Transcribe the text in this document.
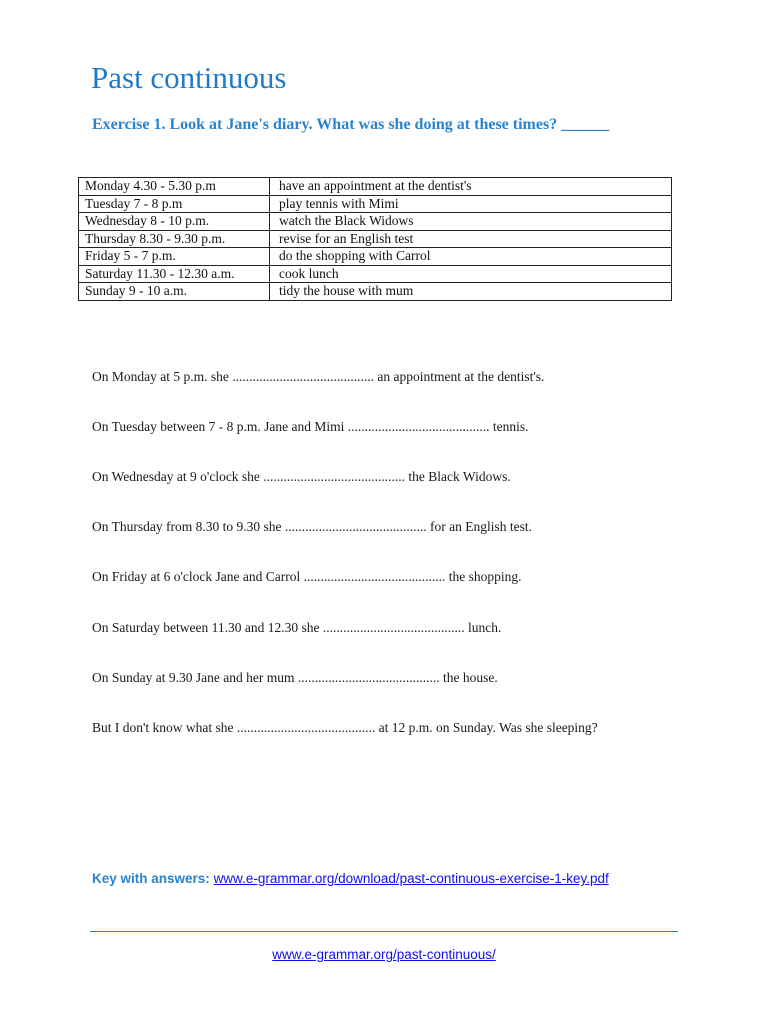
Past continuous
Exercise 1. Look at Jane's diary. What was she doing at these times? ______
Monday 4.30 - 5.30 p.m	have an appointment at the dentist's
Tuesday 7 - 8 p.m	play tennis with Mimi
Wednesday 8 - 10 p.m.	watch the Black Widows
Thursday 8.30 - 9.30 p.m.	revise for an English test
Friday 5 - 7 p.m.	do the shopping with Carrol
Saturday 11.30 - 12.30 a.m.	cook lunch
Sunday 9 - 10 a.m.	tidy the house with mum

On Monday at 5 p.m. she .......................................... an appointment at the dentist's.

On Tuesday between 7 - 8 p.m. Jane and Mimi .......................................... tennis.

On Wednesday at 9 o'clock she .......................................... the Black Widows.

On Thursday from 8.30 to 9.30 she .......................................... for an English test.

On Friday at 6 o'clock Jane and Carrol .......................................... the shopping.

On Saturday between 11.30 and 12.30 she .......................................... lunch.

On Sunday at 9.30 Jane and her mum .......................................... the house.

But I don't know what she ......................................... at 12 p.m. on Sunday. Was she sleeping?

Key with answers: www.e-grammar.org/download/past-continuous-exercise-1-key.pdf

www.e-grammar.org/past-continuous/
